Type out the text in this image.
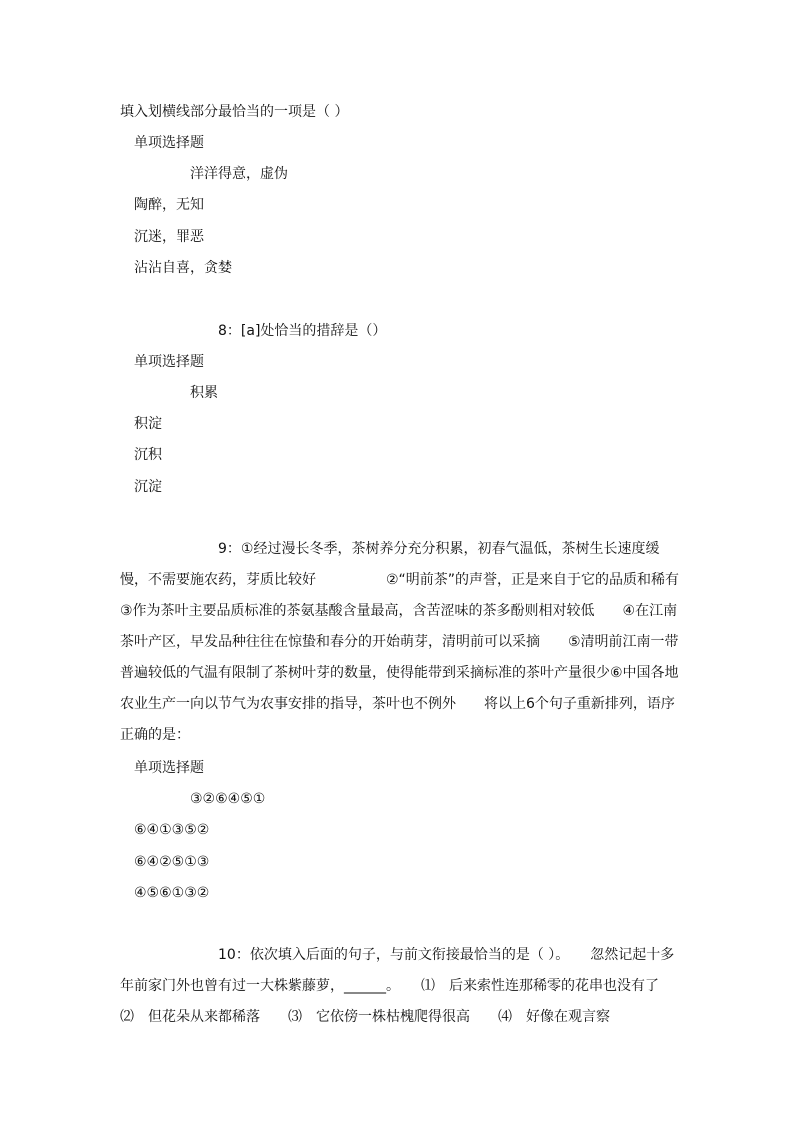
填入划横线部分最恰当的一项是（ ）
单项选择题
洋洋得意，虚伪
陶醉，无知
沉迷，罪恶
沾沾自喜，贪婪
8：[a]处恰当的措辞是（）
单项选择题
积累
积淀
沉积
沉淀
9：①经过漫长冬季，茶树养分充分积累，初春气温低，茶树生长速度缓慢，不需要施农药，芽质比较好　　　　　②“明前茶”的声誉，正是来自于它的品质和稀有③作为茶叶主要品质标准的茶氨基酸含量最高，含苦涩味的茶多酚则相对较低　　④在江南茶叶产区，早发品种往往在惊蛰和春分的开始萌芽，清明前可以采摘　　⑤清明前江南一带普遍较低的气温有限制了茶树叶芽的数量，使得能带到采摘标准的茶叶产量很少⑥中国各地农业生产一向以节气为农事安排的指导，茶叶也不例外　　将以上6个句子重新排列，语序正确的是：
单项选择题
③②⑥④⑤①
⑥④①③⑤②
⑥④②⑤①③
④⑤⑥①③②
10：依次填入后面的句子，与前文衔接最恰当的是（ ）。　　忽然记起十多年前家门外也曾有过一大株紫藤萝，______。　　⑴　后来索性连那稀零的花串也没有了　　⑵　但花朵从来都稀落　　⑶　它依傍一株枯槐爬得很高　　⑷　好像在观言察
